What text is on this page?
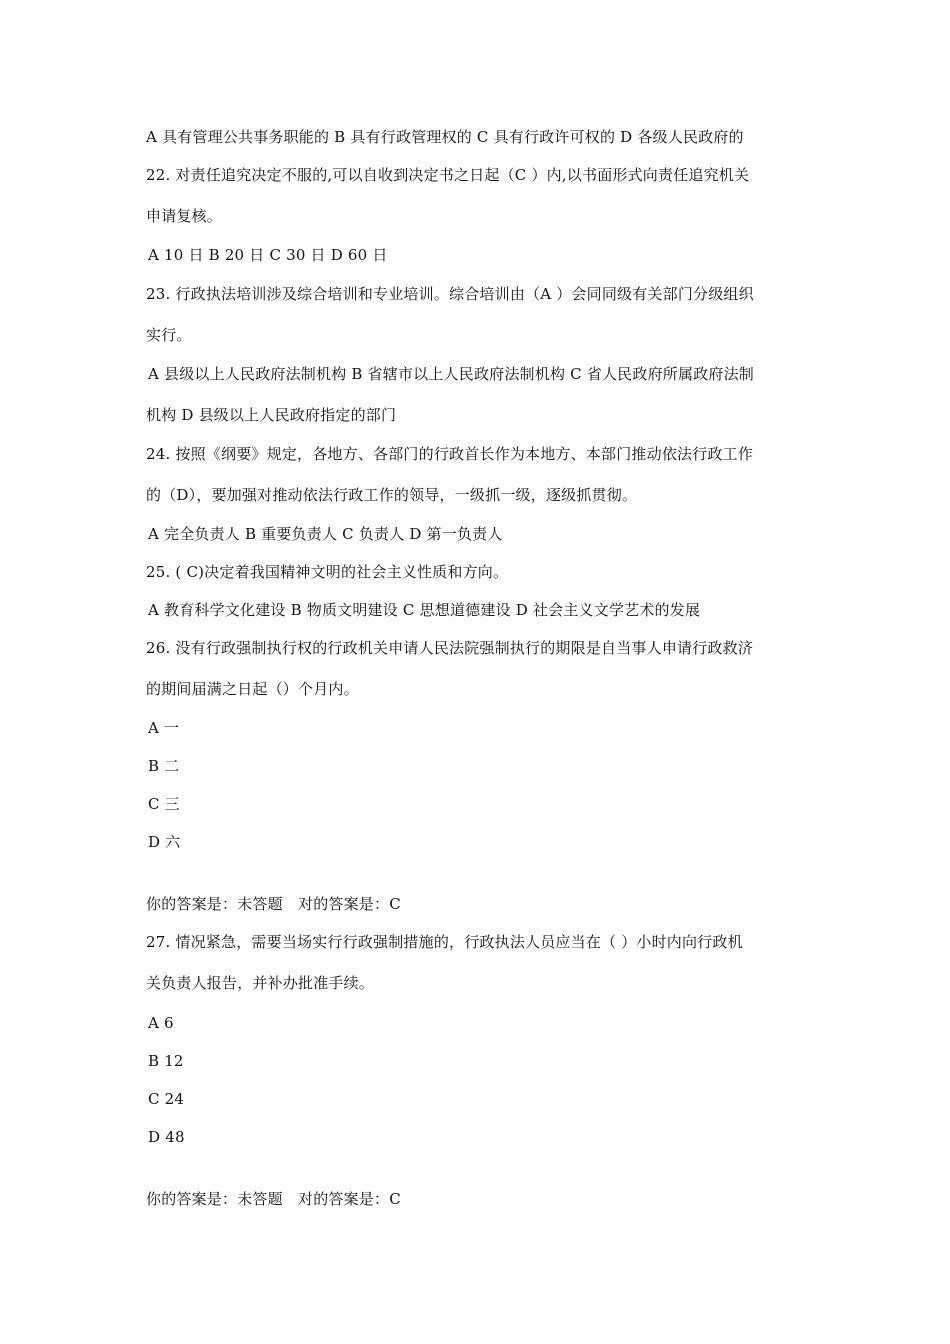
A 具有管理公共事务职能的 B 具有行政管理权的 C 具有行政许可权的 D 各级人民政府的
22. 对责任追究决定不服的,可以自收到决定书之日起（C ）内,以书面形式向责任追究机关
申请复核。
A 10 日 B 20 日 C 30 日 D 60 日
23. 行政执法培训涉及综合培训和专业培训。综合培训由（A ）会同同级有关部门分级组织
实行。
A 县级以上人民政府法制机构 B 省辖市以上人民政府法制机构 C 省人民政府所属政府法制
机构 D 县级以上人民政府指定的部门
24. 按照《纲要》规定，各地方、各部门的行政首长作为本地方、本部门推动依法行政工作
的（D），要加强对推动依法行政工作的领导，一级抓一级，逐级抓贯彻。
A 完全负责人 B 重要负责人 C 负责人 D 第一负责人
25. ( C)决定着我国精神文明的社会主义性质和方向。
A 教育科学文化建设 B 物质文明建设 C 思想道德建设 D 社会主义文学艺术的发展
26. 没有行政强制执行权的行政机关申请人民法院强制执行的期限是自当事人申请行政救济
的期间届满之日起（）个月内。
A 一
B 二
C 三
D 六
你的答案是：未答题　对的答案是：C
27. 情况紧急，需要当场实行行政强制措施的，行政执法人员应当在（ ）小时内向行政机
关负责人报告，并补办批准手续。
A 6
B 12
C 24
D 48
你的答案是：未答题　对的答案是：C
